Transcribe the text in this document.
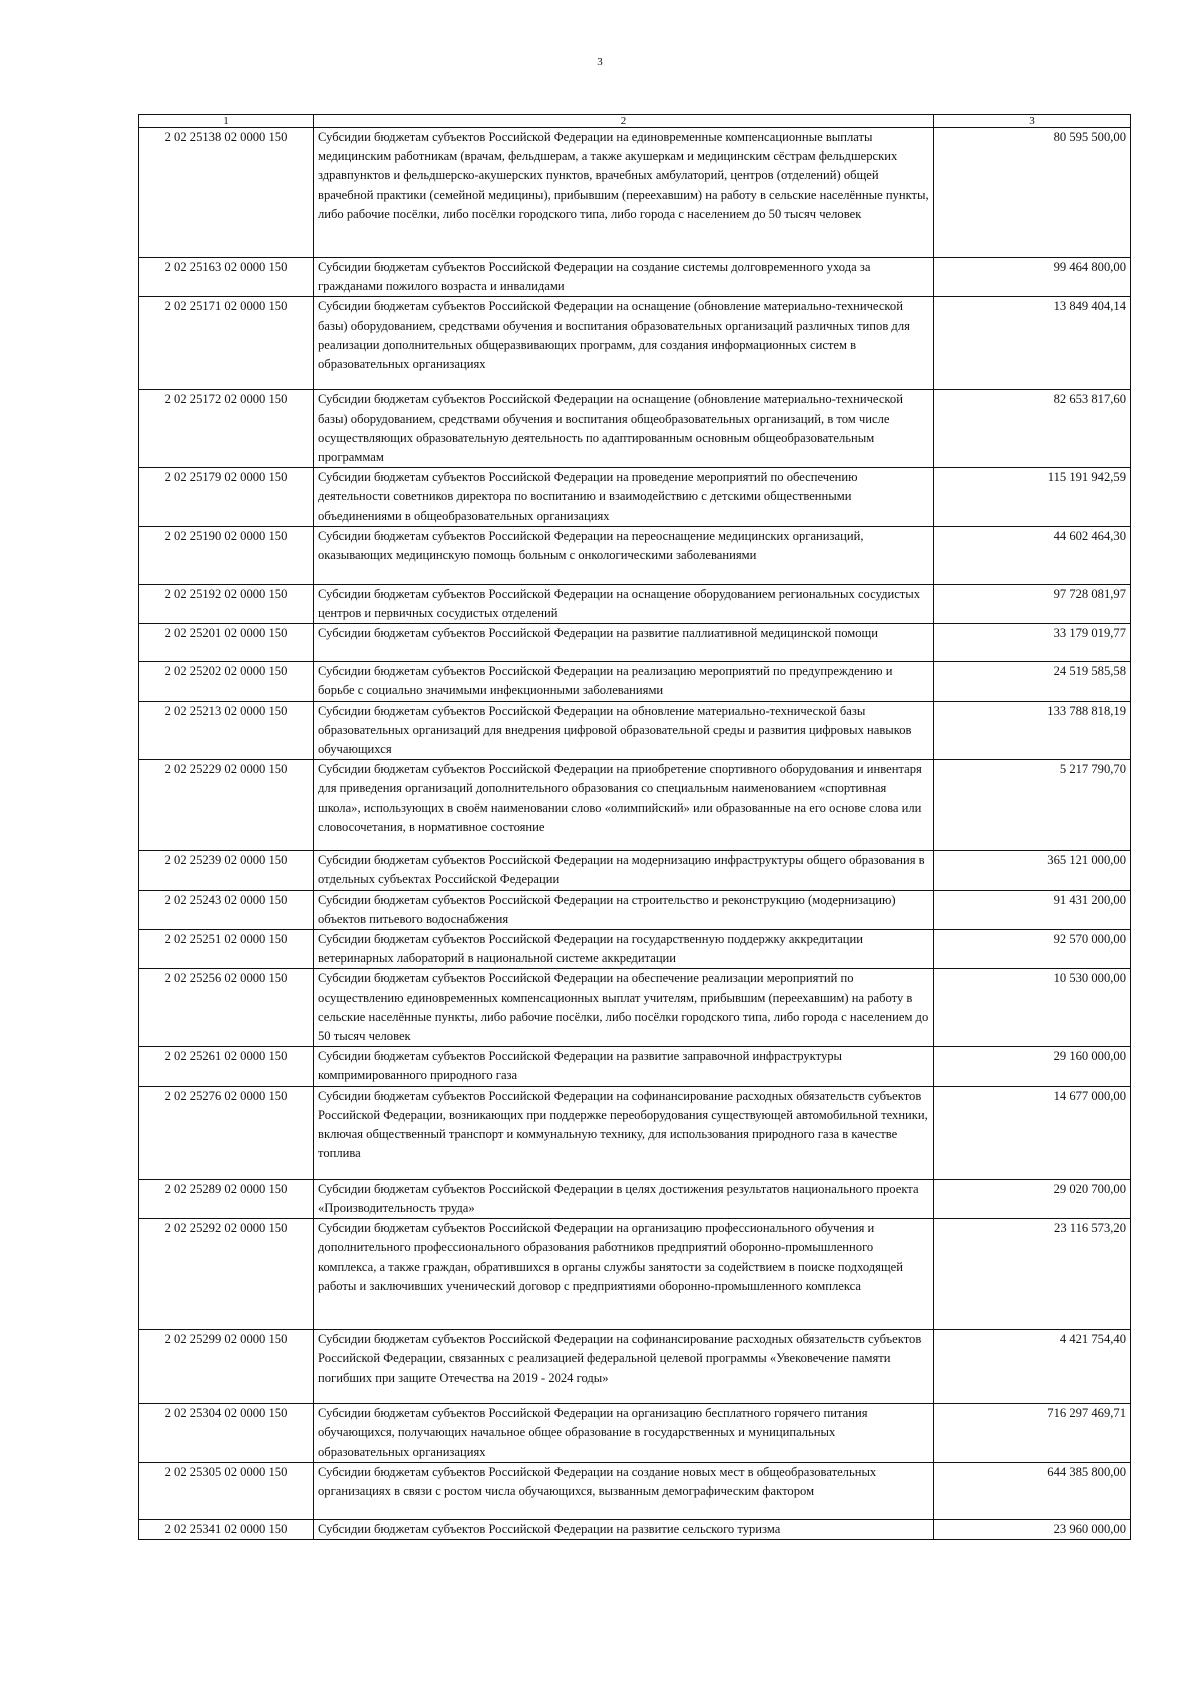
3
1	2	3
2 02 25138 02 0000 150	Субсидии бюджетам субъектов Российской Федерации на единовременные компенсационные выплаты медицинским работникам (врачам, фельдшерам, а также акушеркам и медицинским сёстрам фельдшерских здравпунктов и фельдшерско-акушерских пунктов, врачебных амбулаторий, центров (отделений) общей врачебной практики (семейной медицины), прибывшим (переехавшим) на работу в сельские населённые пункты, либо рабочие посёлки, либо посёлки городского типа, либо города с населением до 50 тысяч человек	80 595 500,00
2 02 25163 02 0000 150	Субсидии бюджетам субъектов Российской Федерации на создание системы долговременного ухода за гражданами пожилого возраста и инвалидами	99 464 800,00
2 02 25171 02 0000 150	Субсидии бюджетам субъектов Российской Федерации на оснащение (обновление материально-технической базы) оборудованием, средствами обучения и воспитания образовательных организаций различных типов для реализации дополнительных общеразвивающих программ, для создания информационных систем в образовательных организациях	13 849 404,14
2 02 25172 02 0000 150	Субсидии бюджетам субъектов Российской Федерации на оснащение (обновление материально-технической базы) оборудованием, средствами обучения и воспитания общеобразовательных организаций, в том числе осуществляющих образовательную деятельность по адаптированным основным общеобразовательным программам	82 653 817,60
2 02 25179 02 0000 150	Субсидии бюджетам субъектов Российской Федерации на проведение мероприятий по обеспечению деятельности советников директора по воспитанию и взаимодействию с детскими общественными объединениями в общеобразовательных организациях	115 191 942,59
2 02 25190 02 0000 150	Субсидии бюджетам субъектов Российской Федерации на переоснащение медицинских организаций, оказывающих медицинскую помощь больным с онкологическими заболеваниями	44 602 464,30
2 02 25192 02 0000 150	Субсидии бюджетам субъектов Российской Федерации на оснащение оборудованием региональных сосудистых центров и первичных сосудистых отделений	97 728 081,97
2 02 25201 02 0000 150	Субсидии бюджетам субъектов Российской Федерации на развитие паллиативной медицинской помощи	33 179 019,77
2 02 25202 02 0000 150	Субсидии бюджетам субъектов Российской Федерации на реализацию мероприятий по предупреждению и борьбе с социально значимыми инфекционными заболеваниями	24 519 585,58
2 02 25213 02 0000 150	Субсидии бюджетам субъектов Российской Федерации на обновление материально-технической базы образовательных организаций для внедрения цифровой образовательной среды и развития цифровых навыков обучающихся	133 788 818,19
2 02 25229 02 0000 150	Субсидии бюджетам субъектов Российской Федерации на приобретение спортивного оборудования и инвентаря для приведения организаций дополнительного образования со специальным наименованием «спортивная школа», использующих в своём наименовании слово «олимпийский» или образованные на его основе слова или словосочетания, в нормативное состояние	5 217 790,70
2 02 25239 02 0000 150	Субсидии бюджетам субъектов Российской Федерации на модернизацию инфраструктуры общего образования в отдельных субъектах Российской Федерации	365 121 000,00
2 02 25243 02 0000 150	Субсидии бюджетам субъектов Российской Федерации на строительство и реконструкцию (модернизацию) объектов питьевого водоснабжения	91 431 200,00
2 02 25251 02 0000 150	Субсидии бюджетам субъектов Российской Федерации на государственную поддержку аккредитации ветеринарных лабораторий в национальной системе аккредитации	92 570 000,00
2 02 25256 02 0000 150	Субсидии бюджетам субъектов Российской Федерации на обеспечение реализации мероприятий по осуществлению единовременных компенсационных выплат учителям, прибывшим (переехавшим) на работу в сельские населённые пункты, либо рабочие посёлки, либо посёлки городского типа, либо города с населением до 50 тысяч человек	10 530 000,00
2 02 25261 02 0000 150	Субсидии бюджетам субъектов Российской Федерации на развитие заправочной инфраструктуры компримированного природного газа	29 160 000,00
2 02 25276 02 0000 150	Субсидии бюджетам субъектов Российской Федерации на софинансирование расходных обязательств субъектов Российской Федерации, возникающих при поддержке переоборудования существующей автомобильной техники, включая общественный транспорт и коммунальную технику, для использования природного газа в качестве топлива	14 677 000,00
2 02 25289 02 0000 150	Субсидии бюджетам субъектов Российской Федерации в целях достижения результатов национального проекта «Производительность труда»	29 020 700,00
2 02 25292 02 0000 150	Субсидии бюджетам субъектов Российской Федерации на организацию профессионального обучения и дополнительного профессионального образования работников предприятий оборонно-промышленного комплекса, а также граждан, обратившихся в органы службы занятости за содействием в поиске подходящей работы и заключивших ученический договор с предприятиями оборонно-промышленного комплекса	23 116 573,20
2 02 25299 02 0000 150	Субсидии бюджетам субъектов Российской Федерации на софинансирование расходных обязательств субъектов Российской Федерации, связанных с реализацией федеральной целевой программы «Увековечение памяти погибших при защите Отечества на 2019 - 2024 годы»	4 421 754,40
2 02 25304 02 0000 150	Субсидии бюджетам субъектов Российской Федерации на организацию бесплатного горячего питания обучающихся, получающих начальное общее образование в государственных и муниципальных образовательных организациях	716 297 469,71
2 02 25305 02 0000 150	Субсидии бюджетам субъектов Российской Федерации на создание новых мест в общеобразовательных организациях в связи с ростом числа обучающихся, вызванным демографическим фактором	644 385 800,00
2 02 25341 02 0000 150	Субсидии бюджетам субъектов Российской Федерации на развитие сельского туризма	23 960 000,00
